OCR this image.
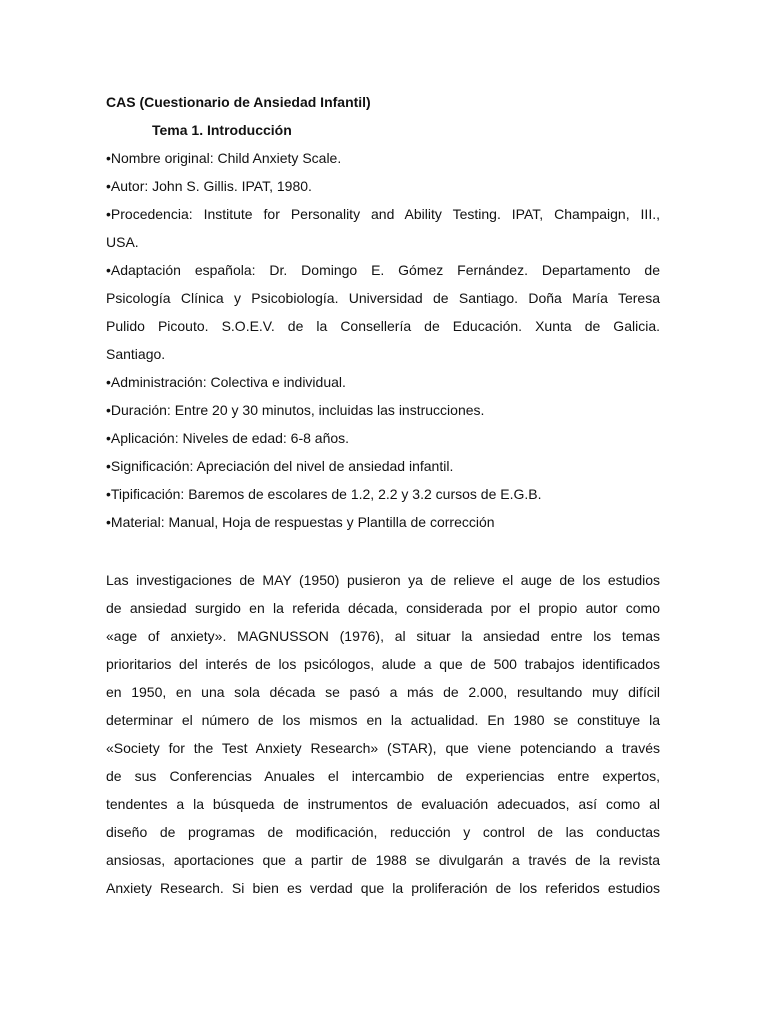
CAS (Cuestionario de Ansiedad Infantil)
Tema 1. Introducción
•Nombre original: Child Anxiety Scale.
•Autor: John S. Gillis. IPAT, 1980.
•Procedencia: Institute for Personality and Ability Testing. IPAT, Champaign, III.,
USA.
•Adaptación española: Dr. Domingo E. Gómez Fernández. Departamento de
Psicología Clínica y Psicobiología. Universidad de Santiago. Doña María Teresa
Pulido Picouto. S.O.E.V. de la Consellería de Educación. Xunta de Galicia.
Santiago.
•Administración: Colectiva e individual.
•Duración: Entre 20 y 30 minutos, incluidas las instrucciones.
•Aplicación: Niveles de edad: 6-8 años.
•Significación: Apreciación del nivel de ansiedad infantil.
•Tipificación: Baremos de escolares de 1.2, 2.2 y 3.2 cursos de E.G.B.
•Material: Manual, Hoja de respuestas y Plantilla de corrección
Las investigaciones de MAY (1950) pusieron ya de relieve el auge de los estudios
de ansiedad surgido en la referida década, considerada por el propio autor como
«age of anxiety». MAGNUSSON (1976), al situar la ansiedad entre los temas
prioritarios del interés de los psicólogos, alude a que de 500 trabajos identificados
en 1950, en una sola década se pasó a más de 2.000, resultando muy difícil
determinar el número de los mismos en la actualidad. En 1980 se constituye la
«Society for the Test Anxiety Research» (STAR), que viene potenciando a través
de sus Conferencias Anuales el intercambio de experiencias entre expertos,
tendentes a la búsqueda de instrumentos de evaluación adecuados, así como al
diseño de programas de modificación, reducción y control de las conductas
ansiosas, aportaciones que a partir de 1988 se divulgarán a través de la revista
Anxiety Research. Si bien es verdad que la proliferación de los referidos estudios
